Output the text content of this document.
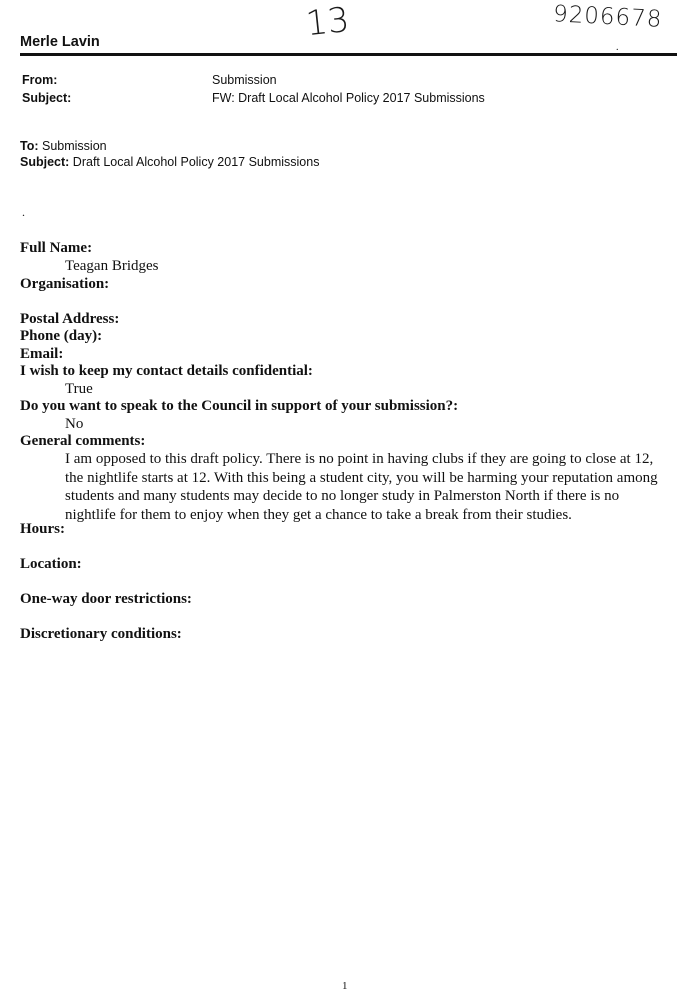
13	9206678
Merle Lavin	.
From:	Submission
Subject:	FW: Draft Local Alcohol Policy 2017 Submissions
To: Submission
Subject: Draft Local Alcohol Policy 2017 Submissions
.
Full Name:
Teagan Bridges
Organisation:
Postal Address:
Phone (day):
Email:
I wish to keep my contact details confidential:
True
Do you want to speak to the Council in support of your submission?:
No
General comments:

I am opposed to this draft policy. There is no point in having clubs if they are going to close at 12, the nightlife starts at 12. With this being a student city, you will be harming your reputation among students and many students may decide to no longer study in Palmerston North if there is no nightlife for them to enjoy when they get a chance to take a break from their studies.

Hours:
Location:
One-way door restrictions:
Discretionary conditions:
1
